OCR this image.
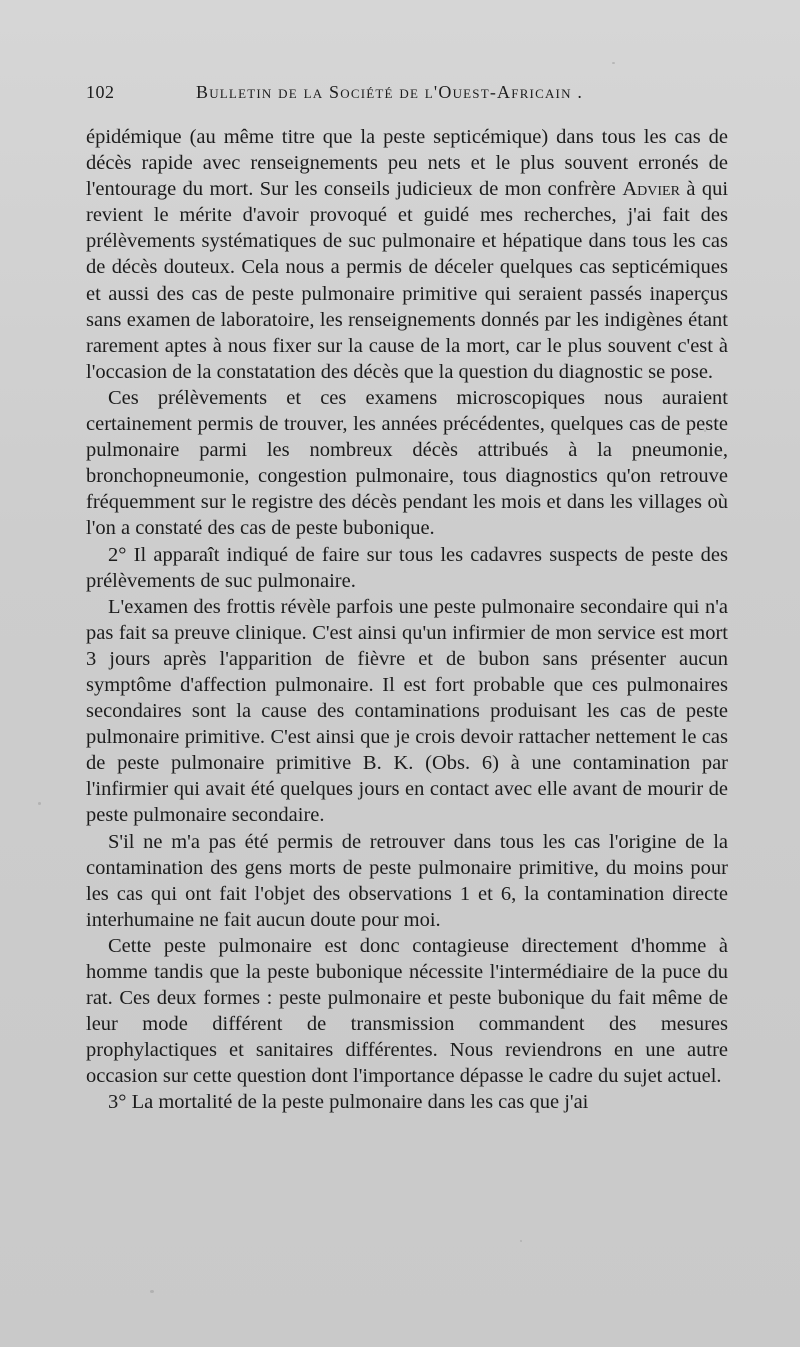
102	Bulletin de la Société de l'Ouest-Africain .

épidémique (au même titre que la peste septicémique) dans tous les cas de décès rapide avec renseignements peu nets et le plus souvent erronés de l'entourage du mort. Sur les conseils judicieux de mon confrère Advier à qui revient le mérite d'avoir provoqué et guidé mes recherches, j'ai fait des prélèvements systématiques de suc pulmonaire et hépatique dans tous les cas de décès douteux. Cela nous a permis de déceler quelques cas septicémiques et aussi des cas de peste pulmonaire primitive qui seraient passés inaperçus sans examen de laboratoire, les renseignements donnés par les indigènes étant rarement aptes à nous fixer sur la cause de la mort, car le plus souvent c'est à l'occasion de la constatation des décès que la question du diagnostic se pose.

Ces prélèvements et ces examens microscopiques nous auraient certainement permis de trouver, les années précédentes, quelques cas de peste pulmonaire parmi les nombreux décès attribués à la pneumonie, bronchopneumonie, congestion pulmonaire, tous diagnostics qu'on retrouve fréquemment sur le registre des décès pendant les mois et dans les villages où l'on a constaté des cas de peste bubonique.

2° Il apparaît indiqué de faire sur tous les cadavres suspects de peste des prélèvements de suc pulmonaire.

L'examen des frottis révèle parfois une peste pulmonaire secondaire qui n'a pas fait sa preuve clinique. C'est ainsi qu'un infirmier de mon service est mort 3 jours après l'apparition de fièvre et de bubon sans présenter aucun symptôme d'affection pulmonaire. Il est fort probable que ces pulmonaires secondaires sont la cause des contaminations produisant les cas de peste pulmonaire primitive. C'est ainsi que je crois devoir rattacher nettement le cas de peste pulmonaire primitive B. K. (Obs. 6) à une contamination par l'infirmier qui avait été quelques jours en contact avec elle avant de mourir de peste pulmonaire secondaire.

S'il ne m'a pas été permis de retrouver dans tous les cas l'origine de la contamination des gens morts de peste pulmonaire primitive, du moins pour les cas qui ont fait l'objet des observations 1 et 6, la contamination directe interhumaine ne fait aucun doute pour moi.

Cette peste pulmonaire est donc contagieuse directement d'homme à homme tandis que la peste bubonique nécessite l'intermédiaire de la puce du rat. Ces deux formes : peste pulmonaire et peste bubonique du fait même de leur mode différent de transmission commandent des mesures prophylactiques et sanitaires différentes. Nous reviendrons en une autre occasion sur cette question dont l'importance dépasse le cadre du sujet actuel.

3° La mortalité de la peste pulmonaire dans les cas que j'ai
